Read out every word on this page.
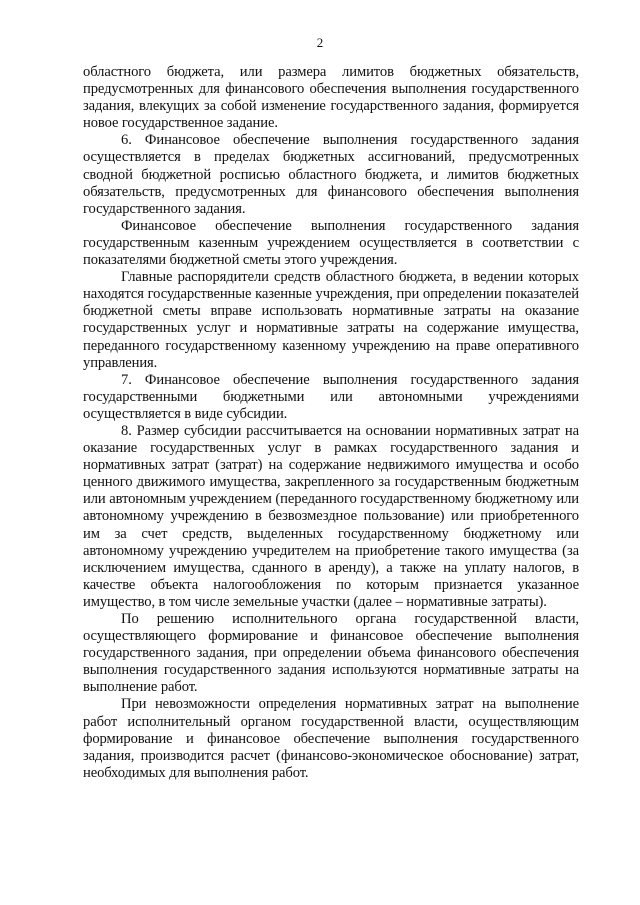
2

областного бюджета, или размера лимитов бюджетных обязательств, предусмотренных для финансового обеспечения выполнения государственного задания, влекущих за собой изменение государственного задания, формируется новое государственное задание.

6. Финансовое обеспечение выполнения государственного задания осуществляется в пределах бюджетных ассигнований, предусмотренных сводной бюджетной росписью областного бюджета, и лимитов бюджетных обязательств, предусмотренных для финансового обеспечения выполнения государственного задания.

Финансовое обеспечение выполнения государственного задания государственным казенным учреждением осуществляется в соответствии с показателями бюджетной сметы этого учреждения.

Главные распорядители средств областного бюджета, в ведении которых находятся государственные казенные учреждения, при определении показателей бюджетной сметы вправе использовать нормативные затраты на оказание государственных услуг и нормативные затраты на содержание имущества, переданного государственному казенному учреждению на праве оперативного управления.

7. Финансовое обеспечение выполнения государственного задания государственными бюджетными или автономными учреждениями осуществляется в виде субсидии.

8. Размер субсидии рассчитывается на основании нормативных затрат на оказание государственных услуг в рамках государственного задания и нормативных затрат (затрат) на содержание недвижимого имущества и особо ценного движимого имущества, закрепленного за государственным бюджетным или автономным учреждением (переданного государственному бюджетному или автономному учреждению в безвозмездное пользование) или приобретенного им за счет средств, выделенных государственному бюджетному или автономному учреждению учредителем на приобретение такого имущества (за исключением имущества, сданного в аренду), а также на уплату налогов, в качестве объекта налогообложения по которым признается указанное имущество, в том числе земельные участки (далее – нормативные затраты).

По решению исполнительного органа государственной власти, осуществляющего формирование и финансовое обеспечение выполнения государственного задания, при определении объема финансового обеспечения выполнения государственного задания используются нормативные затраты на выполнение работ.

При невозможности определения нормативных затрат на выполнение работ исполнительный органом государственной власти, осуществляющим формирование и финансовое обеспечение выполнения государственного задания, производится расчет (финансово-экономическое обоснование) затрат, необходимых для выполнения работ.
